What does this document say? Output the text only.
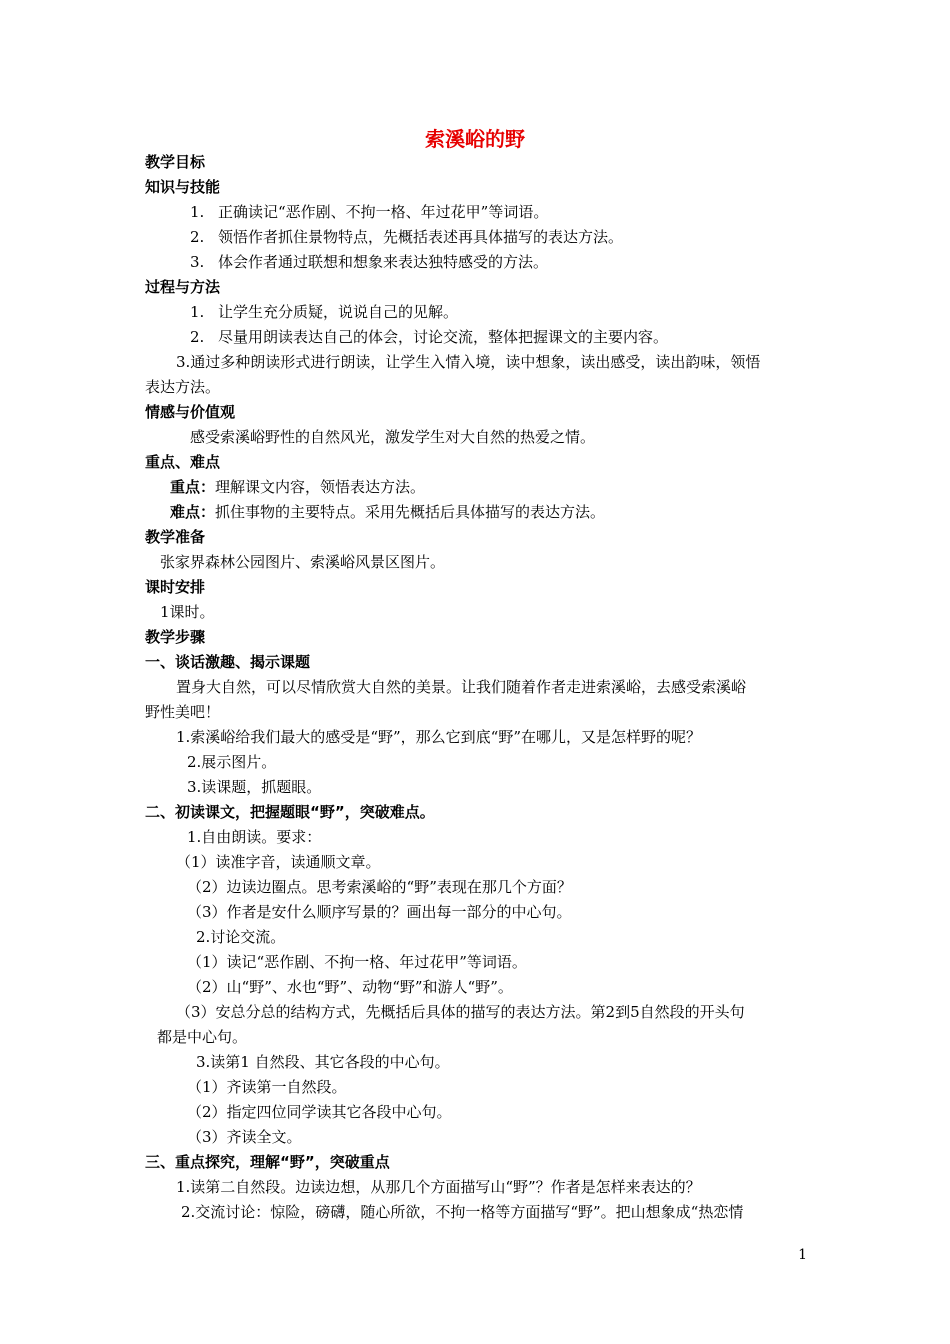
索溪峪的野
教学目标
知识与技能
1. 正确读记“恶作剧、不拘一格、年过花甲”等词语。
2. 领悟作者抓住景物特点，先概括表述再具体描写的表达方法。
3. 体会作者通过联想和想象来表达独特感受的方法。
过程与方法
1. 让学生充分质疑，说说自己的见解。
2. 尽量用朗读表达自己的体会，讨论交流，整体把握课文的主要内容。
3.通过多种朗读形式进行朗读，让学生入情入境，读中想象，读出感受，读出韵味，领悟
表达方法。
情感与价值观
感受索溪峪野性的自然风光，激发学生对大自然的热爱之情。
重点、难点
重点：理解课文内容，领悟表达方法。
难点：抓住事物的主要特点。采用先概括后具体描写的表达方法。
教学准备
张家界森林公园图片、索溪峪风景区图片。
课时安排
1课时。
教学步骤
一、谈话激趣、揭示课题
置身大自然，可以尽情欣赏大自然的美景。让我们随着作者走进索溪峪，去感受索溪峪
野性美吧！
1.索溪峪给我们最大的感受是“野”，那么它到底“野”在哪儿，又是怎样野的呢？
2.展示图片。
3.读课题，抓题眼。
二、初读课文，把握题眼“野”，突破难点。
1.自由朗读。要求：
（1）读准字音，读通顺文章。
（2）边读边圈点。思考索溪峪的“野”表现在那几个方面？
（3）作者是安什么顺序写景的？画出每一部分的中心句。
2.讨论交流。
（1）读记“恶作剧、不拘一格、年过花甲”等词语。
（2）山“野”、水也“野”、动物“野”和游人“野”。
（3）安总分总的结构方式，先概括后具体的描写的表达方法。第2到5自然段的开头句
都是中心句。
3.读第1 自然段、其它各段的中心句。
（1）齐读第一自然段。
（2）指定四位同学读其它各段中心句。
（3）齐读全文。
三、重点探究，理解“野”，突破重点
1.读第二自然段。边读边想，从那几个方面描写山“野”？作者是怎样来表达的？
2.交流讨论：惊险，磅礴，随心所欲，不拘一格等方面描写“野”。把山想象成“热恋情
1
